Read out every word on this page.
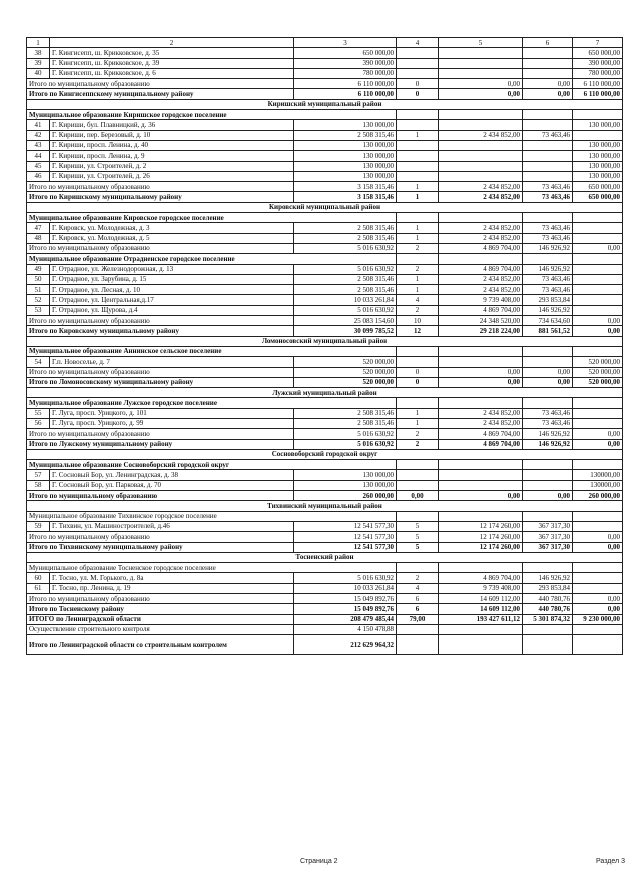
1	2	3	4	5	6	7
38	Г. Кингисепп, ш. Крикковское, д. 35	650 000,00				650 000,00
39	Г. Кингисепп, ш. Крикковское, д. 39	390 000,00				390 000,00
40	Г. Кингисепп, ш. Крикковское, д. 6	780 000,00				780 000,00
Итого по муниципальному образованию		6 110 000,00	0	0,00	0,00	6 110 000,00
Итого по Кингисеппскому муниципальному району		6 110 000,00	0	0,00	0,00	6 110 000,00
Киришский муниципальный район						
Муниципальное образование Киришское городское поселение						
41	Г. Кириши, бул. Плавницкий, д. 36	130 000,00				130 000,00
42	Г. Кириши, пер. Березовый, д. 10	2 508 315,46	1	2 434 852,00	73 463,46	
43	Г. Кириши, просп. Ленина, д. 40	130 000,00				130 000,00
44	Г. Кириши, просп. Ленина, д. 9	130 000,00				130 000,00
45	Г. Кириши, ул. Строителей, д. 2	130 000,00				130 000,00
46	Г. Кириши, ул. Строителей, д. 26	130 000,00				130 000,00
Итого по муниципальному образованию		3 158 315,46	1	2 434 852,00	73 463,46	650 000,00
Итого по Киришскому муниципальному району		3 158 315,46	1	2 434 852,00	73 463,46	650 000,00
Кировский муниципальный район						
Муниципальное образование Кировское городское поселение						
47	Г. Кировск, ул. Молодежная, д. 3	2 508 315,46	1	2 434 852,00	73 463,46	
48	Г. Кировск, ул. Молодежная, д. 5	2 508 315,46	1	2 434 852,00	73 463,46	
Итого по муниципальному образованию		5 016 630,92	2	4 869 704,00	146 926,92	0,00
Муниципальное образование Отрадненское городское поселение						
49	Г. Отрадное, ул. Железнодорожная, д. 13	5 016 630,92	2	4 869 704,00	146 926,92	
50	Г. Отрадное, ул. Зарубина, д. 15	2 508 315,46	1	2 434 852,00	73 463,46	
51	Г. Отрадное, ул. Лесная, д. 10	2 508 315,46	1	2 434 852,00	73 463,46	
52	Г. Отрадное, ул. Центральная,д.17	10 033 261,84	4	9 739 408,00	293 853,84	
53	Г. Отрадное, ул. Щурова, д.4	5 016 630,92	2	4 869 704,00	146 926,92	
Итого по муниципальному образованию		25 083 154,60	10	24 348 520,00	734 634,60	0,00
Итого по Кировскому муниципальному району		30 099 785,52	12	29 218 224,00	881 561,52	0,00
Ломоносовский муниципальный район						
Муниципальное образование Аннинское сельское поселение						
54	Г.п. Новоселье, д. 7	520 000,00				520 000,00
Итого по муниципальному образованию		520 000,00	0	0,00	0,00	520 000,00
Итого по Ломоносовскому муниципальному району		520 000,00	0	0,00	0,00	520 000,00
Лужский муниципальный район						
Муниципальное образование Лужское городское поселение						
55	Г. Луга, просп. Урицкого, д. 101	2 508 315,46	1	2 434 852,00	73 463,46	
56	Г. Луга, просп. Урицкого, д. 99	2 508 315,46	1	2 434 852,00	73 463,46	
Итого по муниципальному образованию		5 016 630,92	2	4 869 704,00	146 926,92	0,00
Итого по Лужскому муниципальному району		5 016 630,92	2	4 869 704,00	146 926,92	0,00
Сосновоборский городской округ						
Муниципальное образование Сосновоборский городской округ						
57	Г. Сосновый Бор, ул. Ленинградская, д. 38	130 000,00				130000,00
58	Г. Сосновый Бор, ул. Парковая, д. 70	130 000,00				130000,00
Итого по муниципальному образованию		260 000,00	0,00	0,00	0,00	260 000,00
Тихвинский муниципальный район						
Муниципальное образование Тихвинское городское поселение						
59	Г. Тихвин, ул. Машиностроителей, д.46	12 541 577,30	5	12 174 260,00	367 317,30	
Итого по муниципальному образованию		12 541 577,30	5	12 174 260,00	367 317,30	0,00
Итого по Тихвинскому муниципальному району		12 541 577,30	5	12 174 260,00	367 317,30	0,00
Тосненский район						
Муниципальное образование Тосненское городское поселение						
60	Г. Тосно, ул. М. Горького, д. 8а	5 016 630,92	2	4 869 704,00	146 926,92	
61	Г. Тосно, пр. Ленина, д. 19	10 033 261,84	4	9 739 408,00	293 853,84	
Итого по муниципальному образованию		15 049 892,76	6	14 609 112,00	440 780,76	0,00
Итого по Тосненскому району		15 049 892,76	6	14 609 112,00	440 780,76	0,00
ИТОГО по Ленинградской области		208 479 485,44	79,00	193 427 611,12	5 301 874,32	9 230 000,00
Осуществление строительного контроля		4 150 478,88				
Итого по Ленинградской области со строительным контролем		212 629 964,32				
Страница 2	Раздел 3
